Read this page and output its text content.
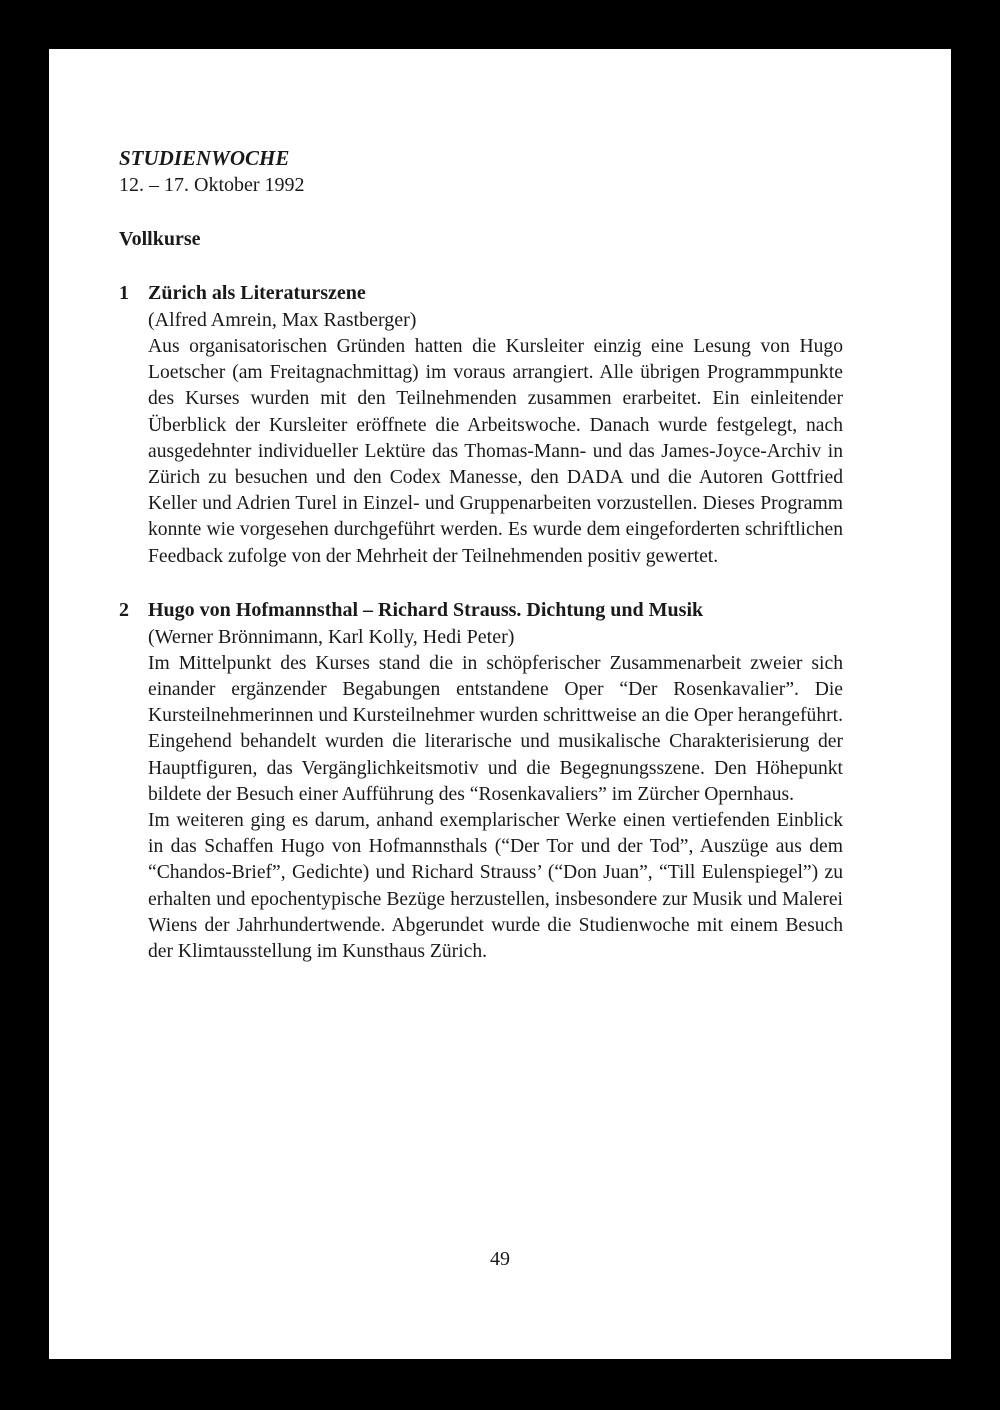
STUDIENWOCHE

12. – 17. Oktober 1992

Vollkurse

1 Zürich als Literaturszene
(Alfred Amrein, Max Rastberger)

Aus organisatorischen Gründen hatten die Kursleiter einzig eine Lesung von Hugo Loetscher (am Freitagnachmittag) im voraus arrangiert. Alle übrigen Programmpunkte des Kurses wurden mit den Teilnehmenden zusammen erarbeitet. Ein einleitender Überblick der Kursleiter eröffnete die Arbeitswoche. Danach wurde festgelegt, nach ausgedehnter individueller Lektüre das Thomas-Mann- und das James-Joyce-Archiv in Zürich zu besuchen und den Codex Manesse, den DADA und die Autoren Gottfried Keller und Adrien Turel in Einzel- und Gruppenarbeiten vorzustellen. Dieses Programm konnte wie vorgesehen durchgeführt werden. Es wurde dem eingeforderten schriftlichen Feedback zufolge von der Mehrheit der Teilnehmenden positiv gewertet.

2 Hugo von Hofmannsthal – Richard Strauss. Dichtung und Musik
(Werner Brönnimann, Karl Kolly, Hedi Peter)

Im Mittelpunkt des Kurses stand die in schöpferischer Zusammenarbeit zweier sich einander ergänzender Begabungen entstandene Oper “Der Rosenkavalier”. Die Kursteilnehmerinnen und Kursteilnehmer wurden schrittweise an die Oper herangeführt. Eingehend behandelt wurden die literarische und musikalische Charakterisierung der Hauptfiguren, das Vergänglichkeitsmotiv und die Begegnungsszene. Den Höhepunkt bildete der Besuch einer Aufführung des “Rosenkavaliers” im Zürcher Opernhaus.

Im weiteren ging es darum, anhand exemplarischer Werke einen vertiefenden Einblick in das Schaffen Hugo von Hofmannsthals (“Der Tor und der Tod”, Auszüge aus dem “Chandos-Brief”, Gedichte) und Richard Strauss’ (“Don Juan”, “Till Eulenspiegel”) zu erhalten und epochentypische Bezüge herzustellen, insbesondere zur Musik und Malerei Wiens der Jahrhundertwende. Abgerundet wurde die Studienwoche mit einem Besuch der Klimtausstellung im Kunsthaus Zürich.

49
